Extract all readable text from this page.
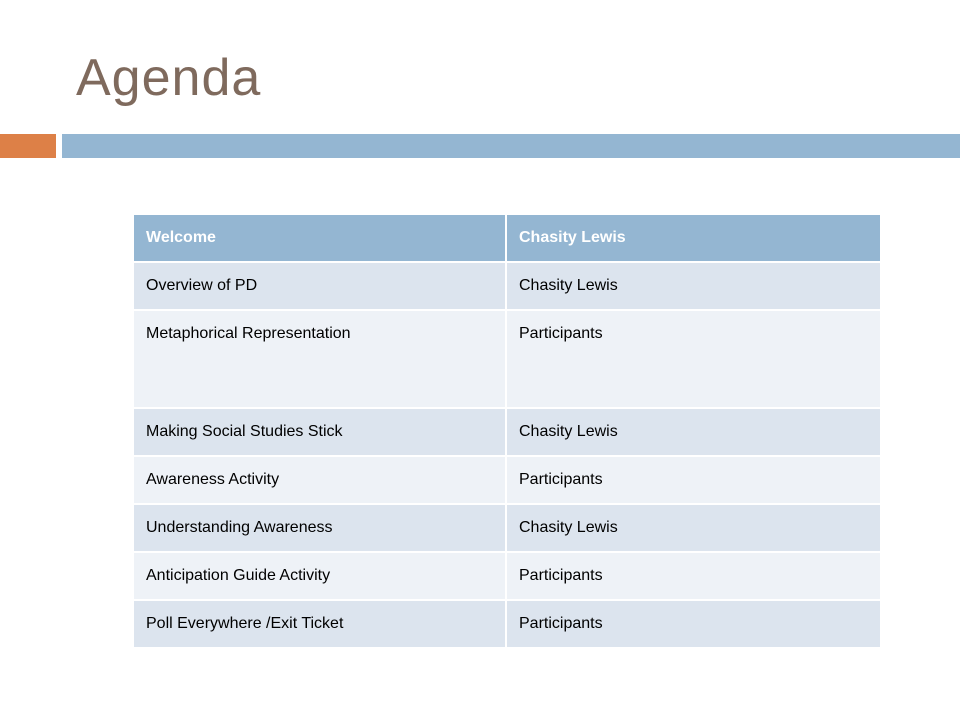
Agenda
Welcome	Chasity Lewis
Overview of PD	Chasity Lewis
Metaphorical Representation	Participants
Making Social Studies Stick	Chasity Lewis
Awareness Activity	Participants
Understanding Awareness	Chasity Lewis
Anticipation Guide Activity	Participants
Poll Everywhere /Exit Ticket	Participants
